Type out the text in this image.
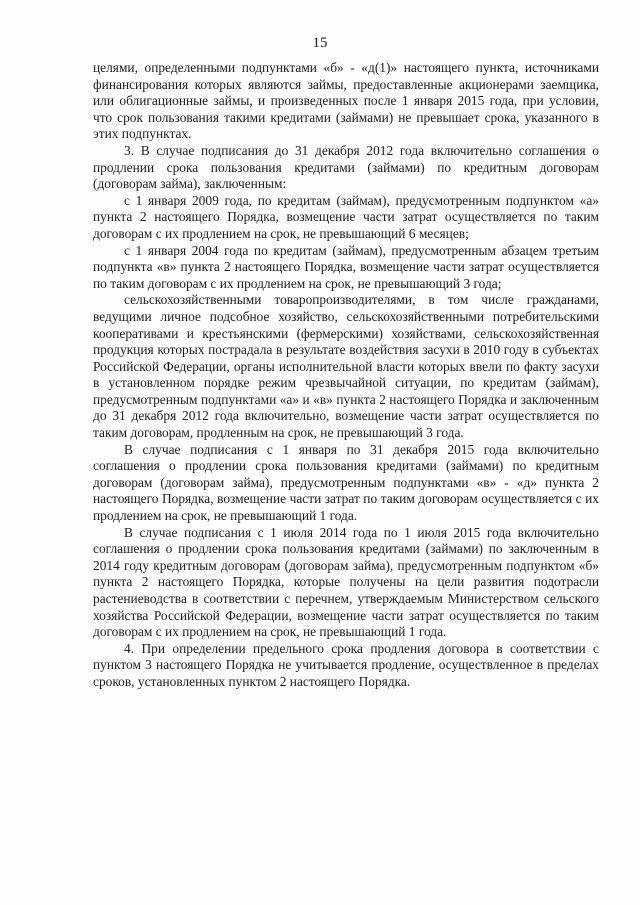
15

целями, определенными подпунктами «б» - «д(1)» настоящего пункта, источниками финансирования которых являются займы, предоставленные акционерами заемщика, или облигационные займы, и произведенных после 1 января 2015 года, при условии, что срок пользования такими кредитами (займами) не превышает срока, указанного в этих подпунктах.

3. В случае подписания до 31 декабря 2012 года включительно соглашения о продлении срока пользования кредитами (займами) по кредитным договорам (договорам займа), заключенным:

с 1 января 2009 года, по кредитам (займам), предусмотренным подпунктом «а» пункта 2 настоящего Порядка, возмещение части затрат осуществляется по таким договорам с их продлением на срок, не превышающий 6 месяцев;

с 1 января 2004 года по кредитам (займам), предусмотренным абзацем третьим подпункта «в» пункта 2 настоящего Порядка, возмещение части затрат осуществляется по таким договорам с их продлением на срок, не превышающий 3 года;

сельскохозяйственными товаропроизводителями, в том числе гражданами, ведущими личное подсобное хозяйство, сельскохозяйственными потребительскими кооперативами и крестьянскими (фермерскими) хозяйствами, сельскохозяйственная продукция которых пострадала в результате воздействия засухи в 2010 году в субъектах Российской Федерации, органы исполнительной власти которых ввели по факту засухи в установленном порядке режим чрезвычайной ситуации, по кредитам (займам), предусмотренным подпунктами «а» и «в» пункта 2 настоящего Порядка и заключенным до 31 декабря 2012 года включительно, возмещение части затрат осуществляется по таким договорам, продленным на срок, не превышающий 3 года.

В случае подписания с 1 января по 31 декабря 2015 года включительно соглашения о продлении срока пользования кредитами (займами) по кредитным договорам (договорам займа), предусмотренным подпунктами «в» - «д» пункта 2 настоящего Порядка, возмещение части затрат по таким договорам осуществляется с их продлением на срок, не превышающий 1 года.

В случае подписания с 1 июля 2014 года по 1 июля 2015 года включительно соглашения о продлении срока пользования кредитами (займами) по заключенным в 2014 году кредитным договорам (договорам займа), предусмотренным подпунктом «б» пункта 2 настоящего Порядка, которые получены на цели развития подотрасли растениеводства в соответствии с перечнем, утверждаемым Министерством сельского хозяйства Российской Федерации, возмещение части затрат осуществляется по таким договорам с их продлением на срок, не превышающий 1 года.

4. При определении предельного срока продления договора в соответствии с пунктом 3 настоящего Порядка не учитывается продление, осуществленное в пределах сроков, установленных пунктом 2 настоящего Порядка.
